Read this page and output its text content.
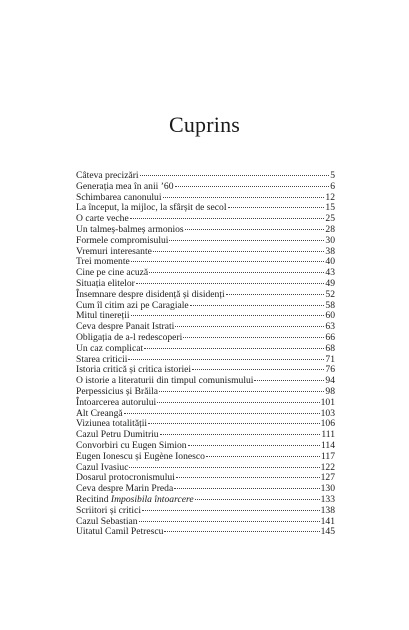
Cuprins
Câteva precizări	5
Generația mea în anii ’60	6
Schimbarea canonului	12
La început, la mijloc, la sfârșit de secol	15
O carte veche	25
Un talmeș-balmeș armonios	28
Formele compromisului	30
Vremuri interesante	38
Trei momente	40
Cine pe cine acuză	43
Situația elitelor	49
Însemnare despre disidență și disidenți	52
Cum îl citim azi pe Caragiale	58
Mitul tinereții	60
Ceva despre Panait Istrati	63
Obligația de a-l redescoperi	66
Un caz complicat	68
Starea criticii	71
Istoria critică și critica istoriei	76
O istorie a literaturii din timpul comunismului	94
Perpessicius și Brăila	98
Întoarcerea autorului	101
Alt Creangă	103
Viziunea totalității	106
Cazul Petru Dumitriu	111
Convorbiri cu Eugen Simion	114
Eugen Ionescu și Eugène Ionesco	117
Cazul Ivasiuc	122
Dosarul protocronismului	127
Ceva despre Marin Preda	130
Recitind Imposibila întoarcere	133
Scriitori și critici	138
Cazul Sebastian	141
Uitatul Camil Petrescu	145
